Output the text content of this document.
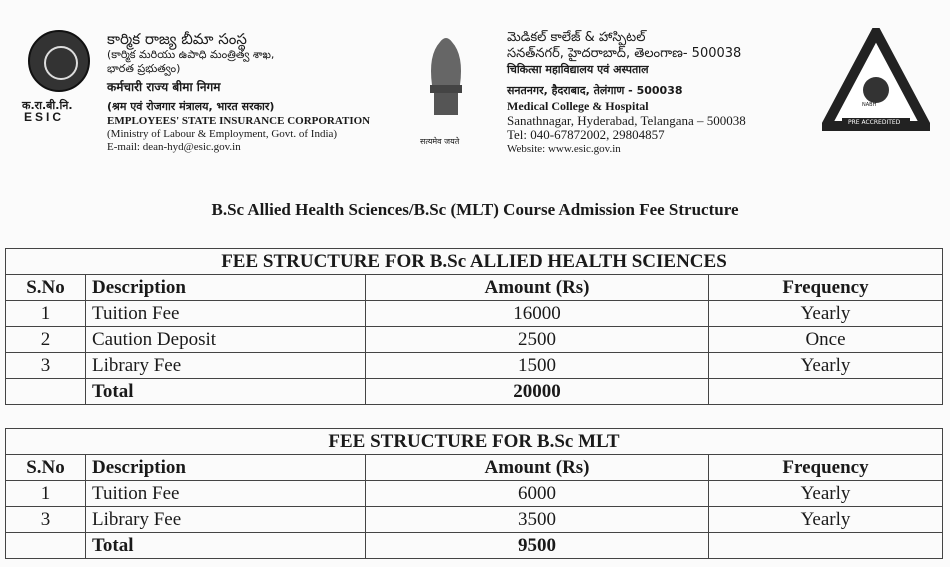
क.रा.बी.नि.
ESIC
కార్మిక రాజ్య బీమా సంస్థ
(కార్మిక మరియు ఉపాధి మంత్రిత్వ శాఖ,
భారత ప్రభుత్వం)
कर्मचारी राज्य बीमा निगम
(श्रम एवं रोजगार मंत्रालय, भारत सरकार)
EMPLOYEES' STATE INSURANCE CORPORATION
(Ministry of Labour & Employment, Govt. of India)
E-mail: dean-hyd@esic.gov.in	सत्यमेव जयते
మెడికల్ కాలేజ్ & హాస్పిటల్
సనత్‌నగర్, హైదరాబాద్, తెలంగాణ- 500038
चिकित्सा महाविद्यालय एवं अस्पताल
सनतनगर, हैदराबाद, तेलंगाण - 500038
Medical College & Hospital
Sanathnagar, Hyderabad, Telangana – 500038
Tel: 040-67872002, 29804857
Website: www.esic.gov.in
NABH
PRE ACCREDITED
B.Sc Allied Health Sciences/B.Sc (MLT) Course Admission Fee Structure
FEE STRUCTURE FOR B.Sc ALLIED HEALTH SCIENCES			
S.No	Description	Amount (Rs)	Frequency
1	Tuition Fee	16000	Yearly
2	Caution Deposit	2500	Once
3	Library Fee	1500	Yearly
	Total	20000	
FEE STRUCTURE FOR B.Sc MLT			
S.No	Description	Amount (Rs)	Frequency
1	Tuition Fee	6000	Yearly
3	Library Fee	3500	Yearly
	Total	9500	
